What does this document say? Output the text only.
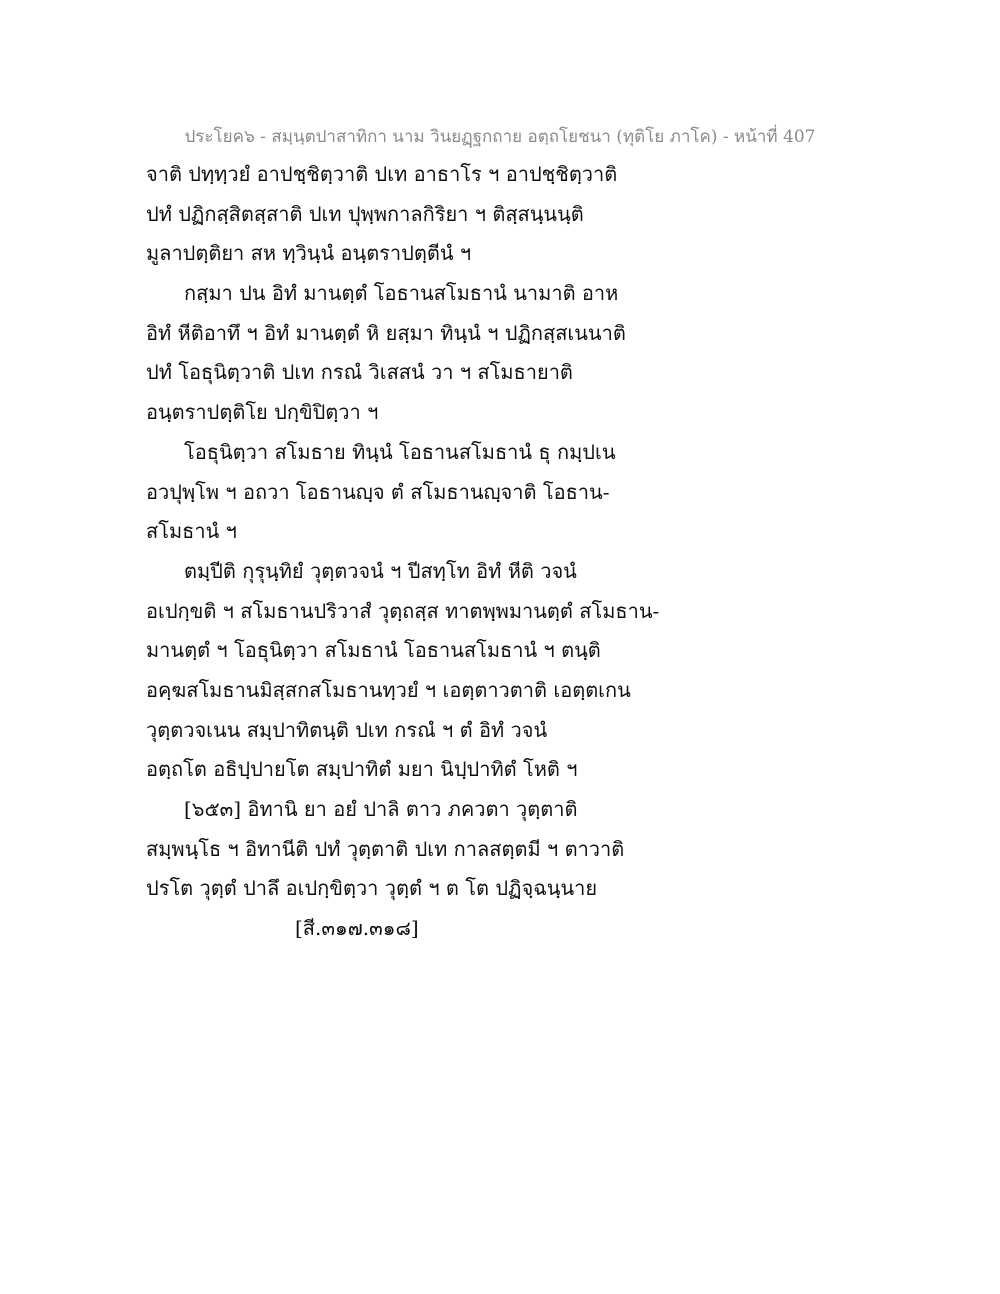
ประโยค๖ - สมฺนฺตปาสาทิกา นาม วินยฏฺฐกถาย อตฺถโยชนา (ทุติโย ภาโค) - หน้าที่ 407
จาติ ปทฺทฺวยํ อาปชฺชิตฺวาติ ปเท อาธาโร ฯ อาปชฺชิตฺวาติ
ปทํ ปฏิกสฺสิตสฺสาติ ปเท ปุพฺพกาลกิริยา ฯ ติสฺสนฺนนฺติ
มูลาปตฺติยา สห ทฺวินฺนํ อนฺตราปตฺตีนํ ฯ
กสฺมา ปน อิทํ มานตฺตํ โอธานสโมธานํ นามาติ อาห
อิทํ หีติอาทึ ฯ อิทํ มานตฺตํ หิ ยสฺมา ทินฺนํ ฯ ปฏิกสฺสเนนาติ
ปทํ โอธุนิตฺวาติ ปเท กรณํ วิเสสนํ วา ฯ สโมธายาติ
อนฺตราปตฺติโย ปกฺขิปิตฺวา ฯ
โอธุนิตฺวา สโมธาย ทินฺนํ โอธานสโมธานํ ธุ กมฺปเน
อวปุพฺโพ ฯ อถวา โอธานญฺจ ตํ สโมธานญฺจาติ โอธาน-
สโมธานํ ฯ
ตมฺปีติ กุรุนฺทิยํ วุตฺตวจนํ ฯ ปีสทฺโท อิทํ หีติ วจนํ
อเปกฺขติ ฯ สโมธานปริวาสํ วุตฺถสฺส ทาตพฺพมานตฺตํ สโมธาน-
มานตฺตํ ฯ โอธุนิตฺวา สโมธานํ โอธานสโมธานํ ฯ ตนฺติ
อคฺฆสโมธานมิสฺสกสโมธานทฺวยํ ฯ เอตฺตาวตาติ เอตฺตเกน
วุตฺตวจเนน สมฺปาทิตนฺติ ปเท กรณํ ฯ ตํ อิทํ วจนํ
อตฺถโต อธิปฺปายโต สมฺปาทิตํ มยา นิปฺปาทิตํ โหติ ฯ
[๖๕๓] อิทานิ ยา อยํ ปาลิ ตาว ภควตา วุตฺตาติ
สมฺพนฺโธ ฯ อิทานีติ ปทํ วุตฺตาติ ปเท กาลสตฺตมี ฯ ตาวาติ
ปรโต วุตฺตํ ปาลึ อเปกฺขิตฺวา วุตฺตํ ฯ ต โต ปฏิจฺฉนฺนาย
[สี.๓๑๗.๓๑๘]
